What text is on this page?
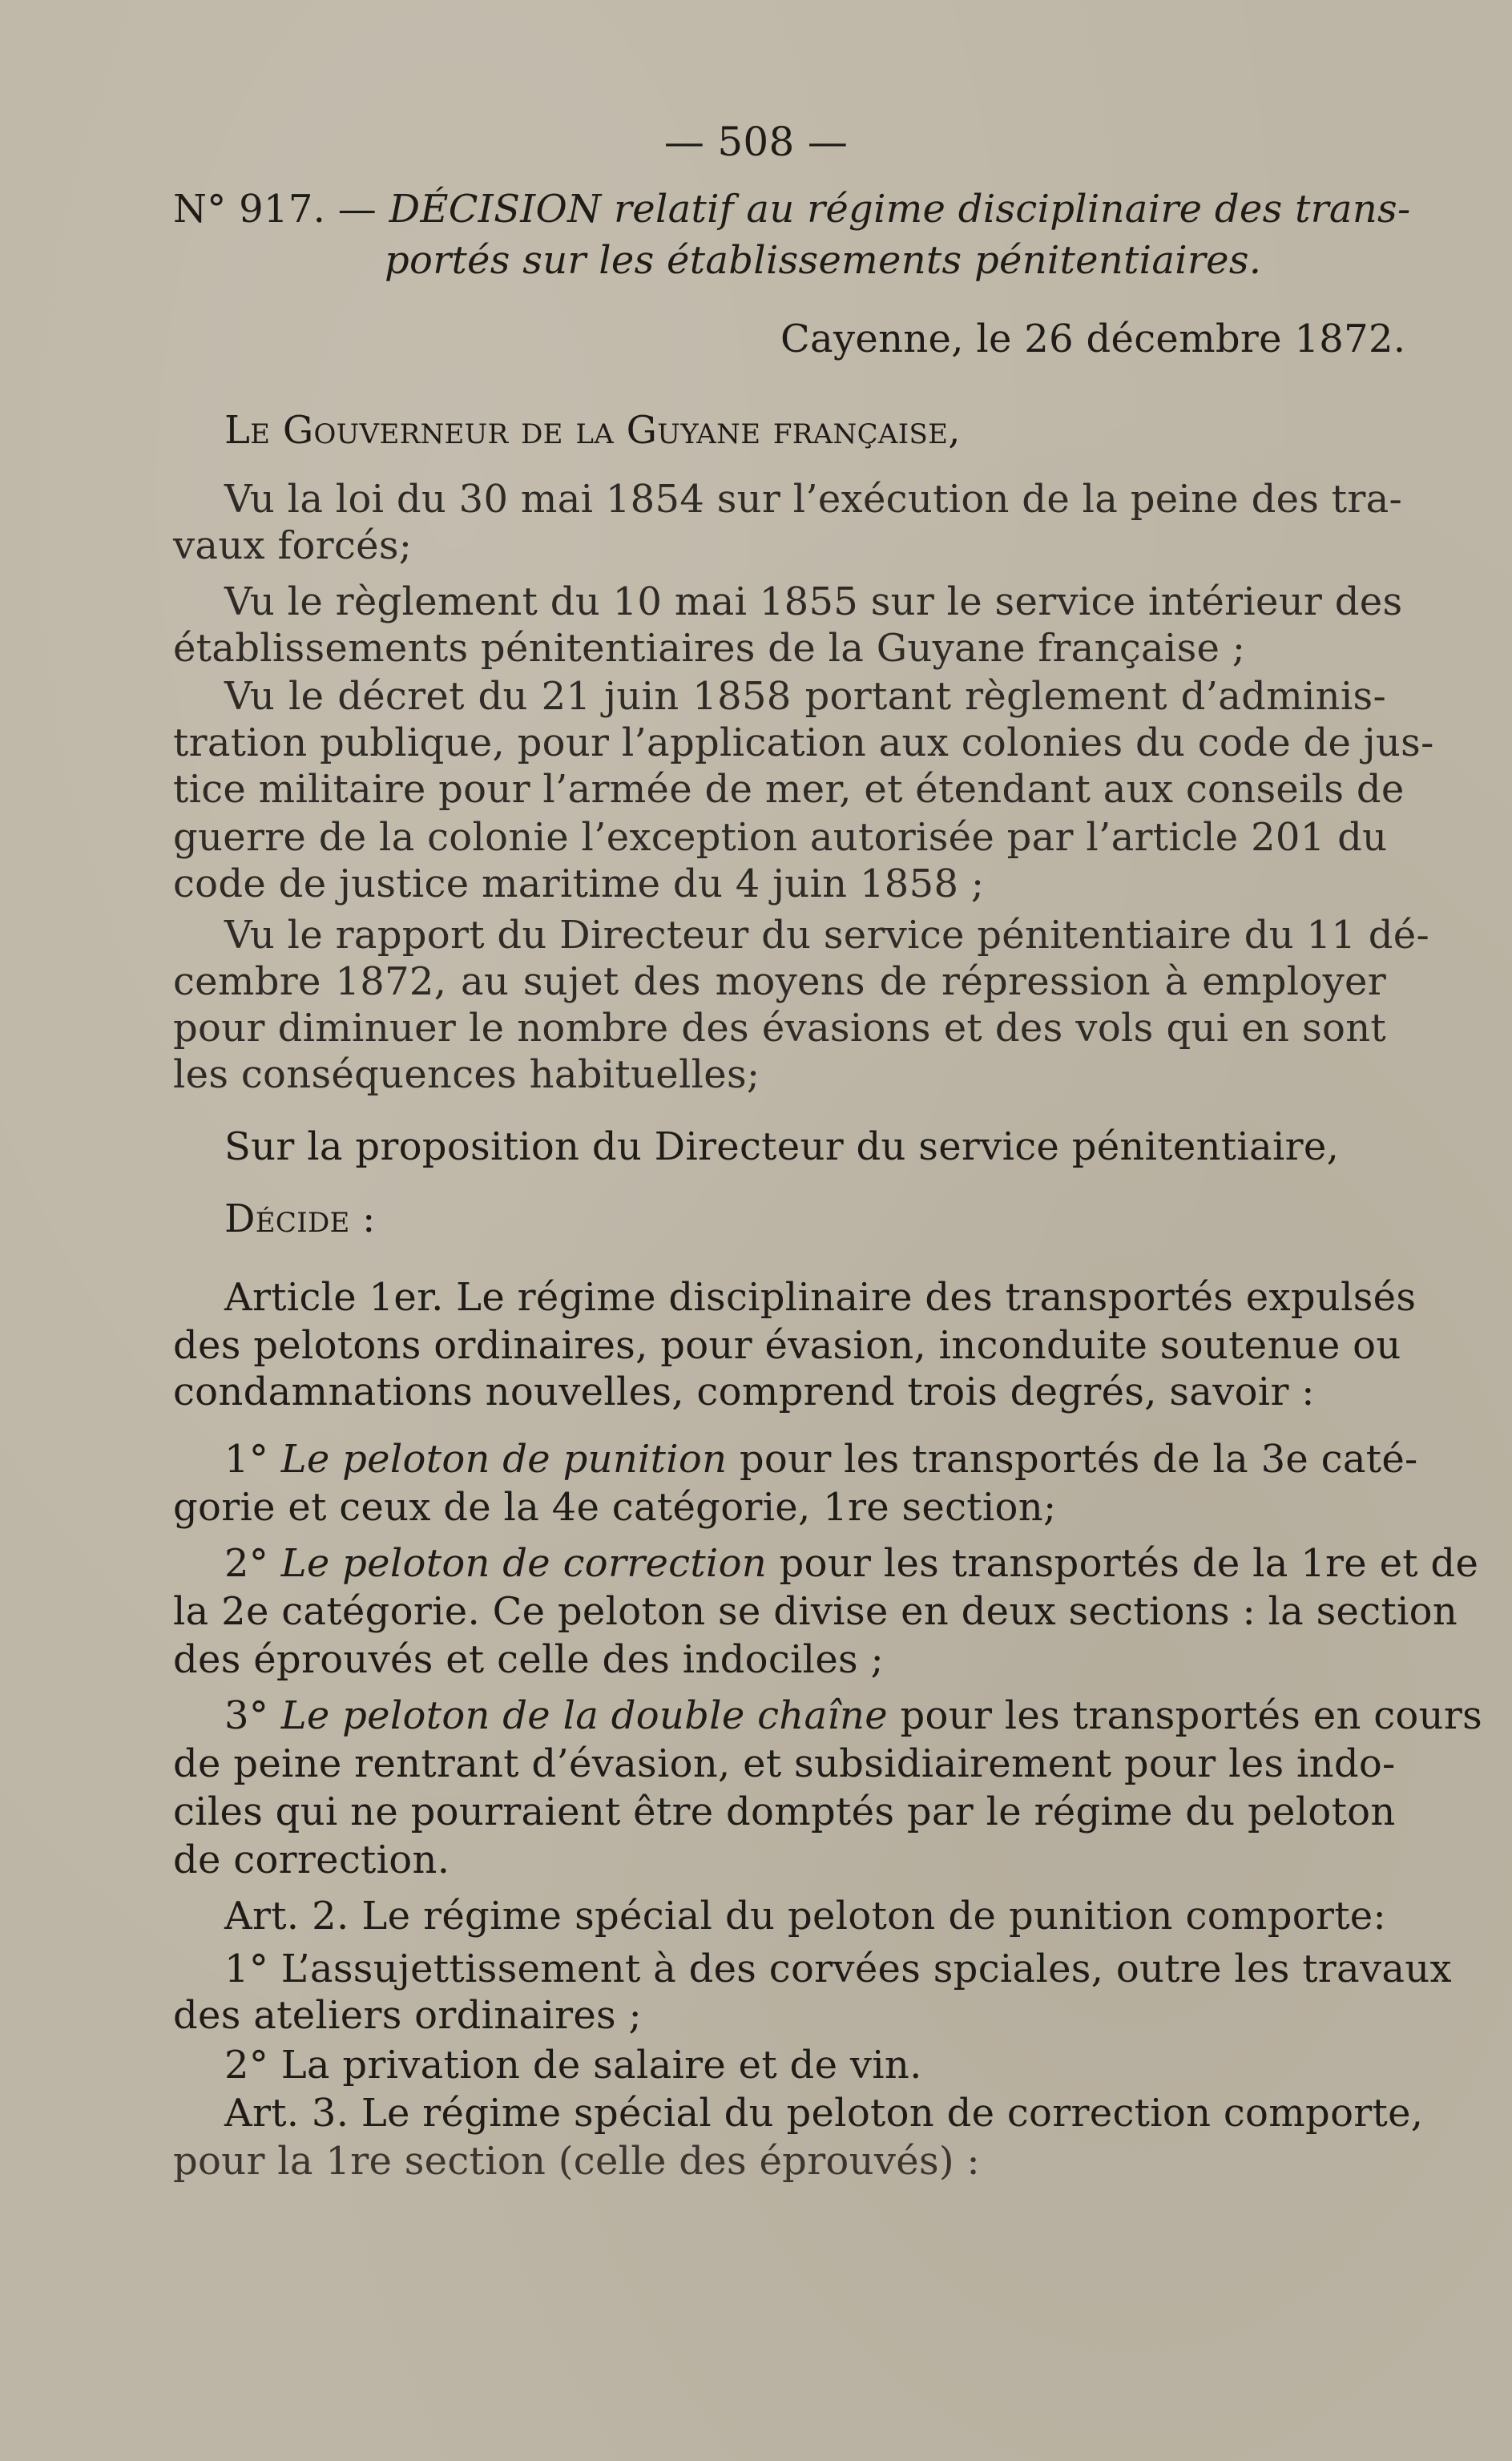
— 508 —
N° 917. — DÉCISION relatif au régime disciplinaire des trans-
portés sur les établissements pénitentiaires.
Cayenne, le 26 décembre 1872.
Le Gouverneur de la Guyane française,
Vu la loi du 30 mai 1854 sur l’exécution de la peine des tra-
vaux forcés;
Vu le règlement du 10 mai 1855 sur le service intérieur des
établissements pénitentiaires de la Guyane française ;
Vu le décret du 21 juin 1858 portant règlement d’adminis-
tration publique, pour l’application aux colonies du code de jus-
tice militaire pour l’armée de mer, et étendant aux conseils de
guerre de la colonie l’exception autorisée par l’article 201 du
code de justice maritime du 4 juin 1858 ;
Vu le rapport du Directeur du service pénitentiaire du 11 dé-
cembre 1872, au sujet des moyens de répression à employer
pour diminuer le nombre des évasions et des vols qui en sont
les conséquences habituelles;
Sur la proposition du Directeur du service pénitentiaire,
Décide :
Article 1er. Le régime disciplinaire des transportés expulsés
des pelotons ordinaires, pour évasion, inconduite soutenue ou
condamnations nouvelles, comprend trois degrés, savoir :
1° Le peloton de punition pour les transportés de la 3e caté-
gorie et ceux de la 4e catégorie, 1re section;
2° Le peloton de correction pour les transportés de la 1re et de
la 2e catégorie. Ce peloton se divise en deux sections : la section
des éprouvés et celle des indociles ;
3° Le peloton de la double chaîne pour les transportés en cours
de peine rentrant d’évasion, et subsidiairement pour les indo-
ciles qui ne pourraient être domptés par le régime du peloton
de correction.
Art. 2. Le régime spécial du peloton de punition comporte:
1° L’assujettissement à des corvées spciales, outre les travaux
des ateliers ordinaires ;
2° La privation de salaire et de vin.
Art. 3. Le régime spécial du peloton de correction comporte,
pour la 1re section (celle des éprouvés) :
